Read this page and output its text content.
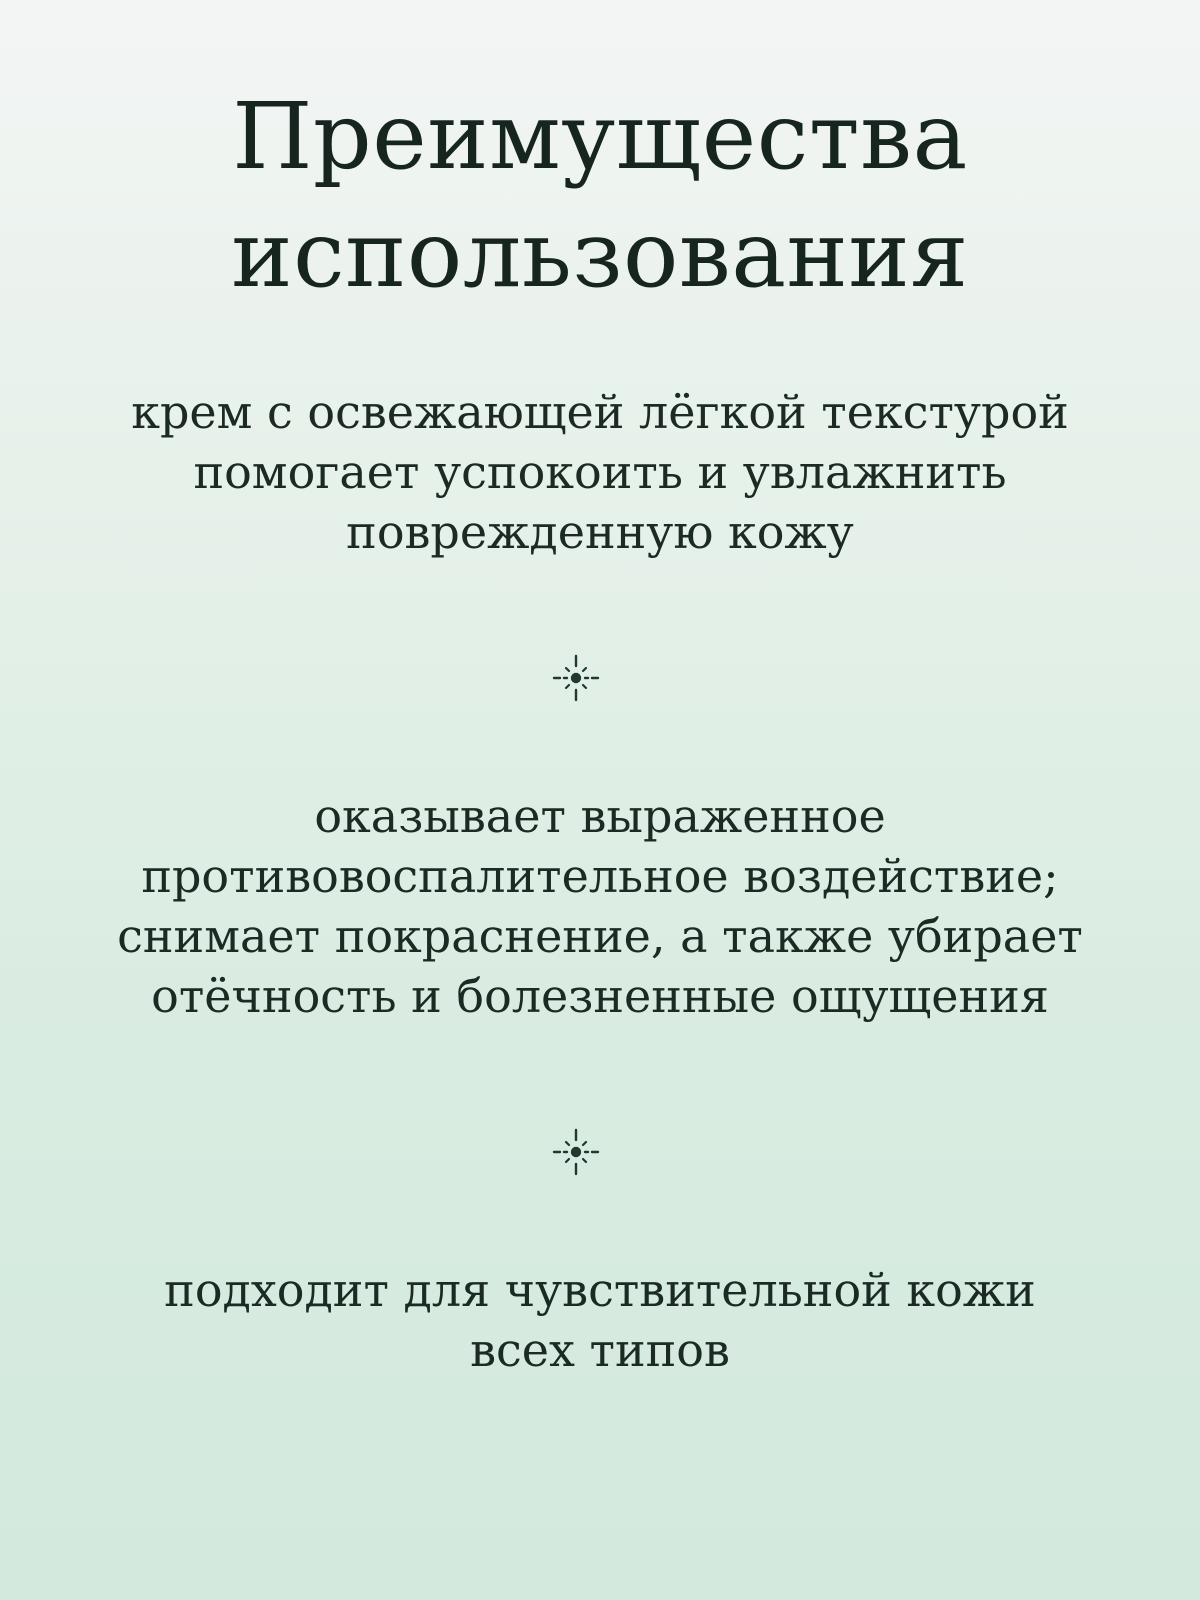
Преимущества
использования

крем с освежающей лёгкой текстурой
помогает успокоить и увлажнить
поврежденную кожу

оказывает выраженное
противовоспалительное воздействие;
снимает покраснение, а также убирает
отёчность и болезненные ощущения

подходит для чувствительной кожи
всех типов
